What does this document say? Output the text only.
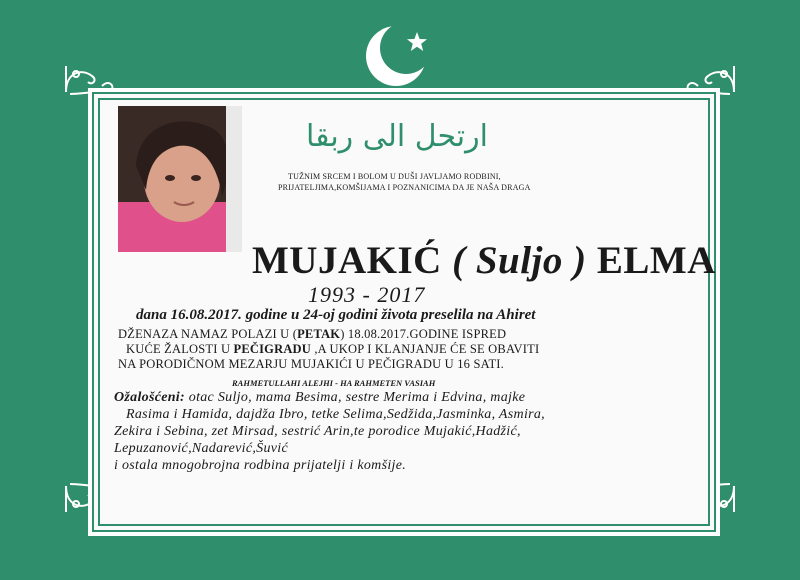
ارتحل الى ربقا
TUŽNIM SRCEM I BOLOM U DUŠI JAVLJAMO RODBINI,
PRIJATELJIMA,KOMŠIJAMA I POZNANICIMA DA JE NAŠA DRAGA
MUJAKIĆ ( Suljo ) ELMA
1993 - 2017
dana 16.08.2017. godine u 24-oj godini života preselila na Ahiret
DŽENAZA NAMAZ POLAZI U (PETAK) 18.08.2017.GODINE ISPRED
KUĆE ŽALOSTI U PEČIGRADU ,A UKOP I KLANJANJE ĆE SE OBAVITI
NA PORODIČNOM MEZARJU MUJAKIĆI U PEČIGRADU U 16 SATI.
RAHMETULLAHI ALEJHI - HA RAHMETEN VASIAH
Ožalošćeni: otac Suljo, mama Besima, sestre Merima i Edvina, majke
Rasima i Hamida, dajdža Ibro, tetke Selima,Sedžida,Jasminka, Asmira,
Zekira i Sebina, zet Mirsad, sestrić Arin,te porodice Mujakić,Hadžić,
Lepuzanović,Nadarević,Šuvić
i ostala mnogobrojna rodbina prijatelji i komšije.
